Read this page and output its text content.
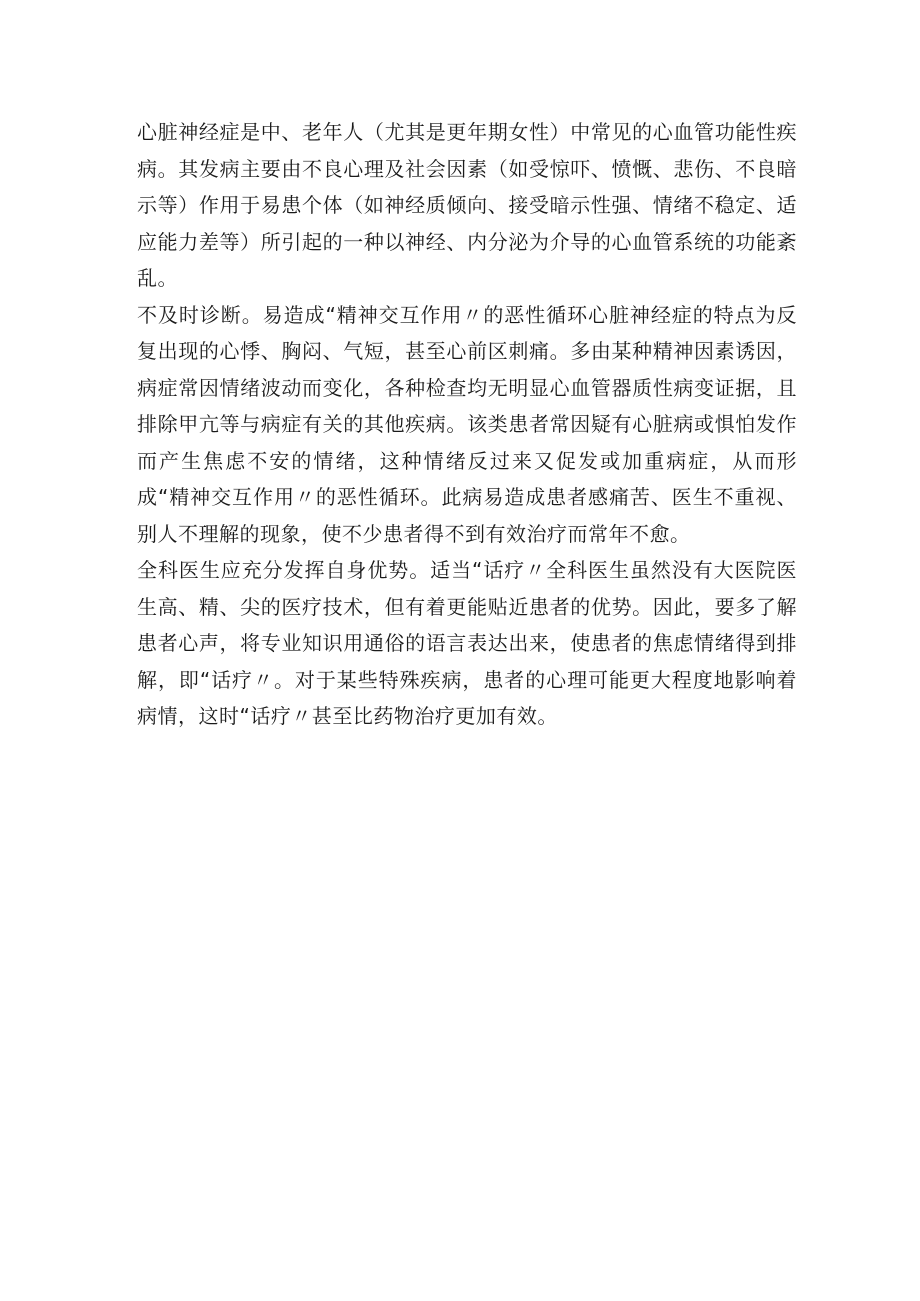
心脏神经症是中、老年人（尤其是更年期女性）中常见的心血管功能性疾病。其发病主要由不良心理及社会因素（如受惊吓、愤慨、悲伤、不良暗示等）作用于易患个体（如神经质倾向、接受暗示性强、情绪不稳定、适应能力差等）所引起的一种以神经、内分泌为介导的心血管系统的功能紊乱。

不及时诊断。易造成“精神交互作用〃的恶性循环心脏神经症的特点为反复出现的心悸、胸闷、气短，甚至心前区刺痛。多由某种精神因素诱因，病症常因情绪波动而变化，各种检查均无明显心血管器质性病变证据，且排除甲亢等与病症有关的其他疾病。该类患者常因疑有心脏病或惧怕发作而产生焦虑不安的情绪，这种情绪反过来又促发或加重病症，从而形成“精神交互作用〃的恶性循环。此病易造成患者感痛苦、医生不重视、别人不理解的现象，使不少患者得不到有效治疗而常年不愈。

全科医生应充分发挥自身优势。适当“话疗〃全科医生虽然没有大医院医生高、精、尖的医疗技术，但有着更能贴近患者的优势。因此，要多了解患者心声，将专业知识用通俗的语言表达出来，使患者的焦虑情绪得到排解，即“话疗〃。对于某些特殊疾病，患者的心理可能更大程度地影响着病情，这时“话疗〃甚至比药物治疗更加有效。
